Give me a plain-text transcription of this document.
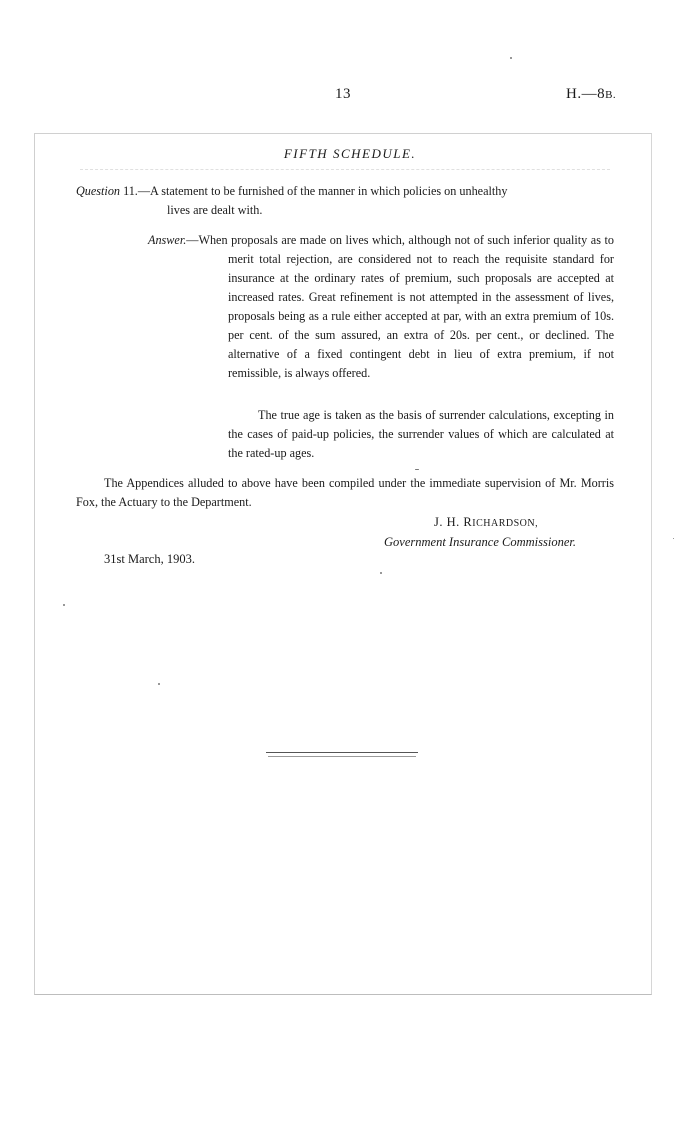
13	H.—8B.
FIFTH SCHEDULE.
Question 11.—A statement to be furnished of the manner in which policies on unhealthy
lives are dealt with.
Answer.—When proposals are made on lives which, although not of such inferior quality as to merit total rejection, are considered not to reach the requisite standard for insurance at the ordinary rates of premium, such proposals are accepted at increased rates. Great refinement is not attempted in the assessment of lives, proposals being as a rule either accepted at par, with an extra premium of 10s. per cent. of the sum assured, an extra of 20s. per cent., or declined. The alternative of a fixed contingent debt in lieu of extra premium, if not remissible, is always offered.
The true age is taken as the basis of surrender calculations, excepting in the cases of paid-up policies, the surrender values of which are calculated at the rated-up ages.
The Appendices alluded to above have been compiled under the immediate supervision of Mr. Morris Fox, the Actuary to the Department.
J. H. RICHARDSON,
Government Insurance Commissioner.
31st March, 1903.
